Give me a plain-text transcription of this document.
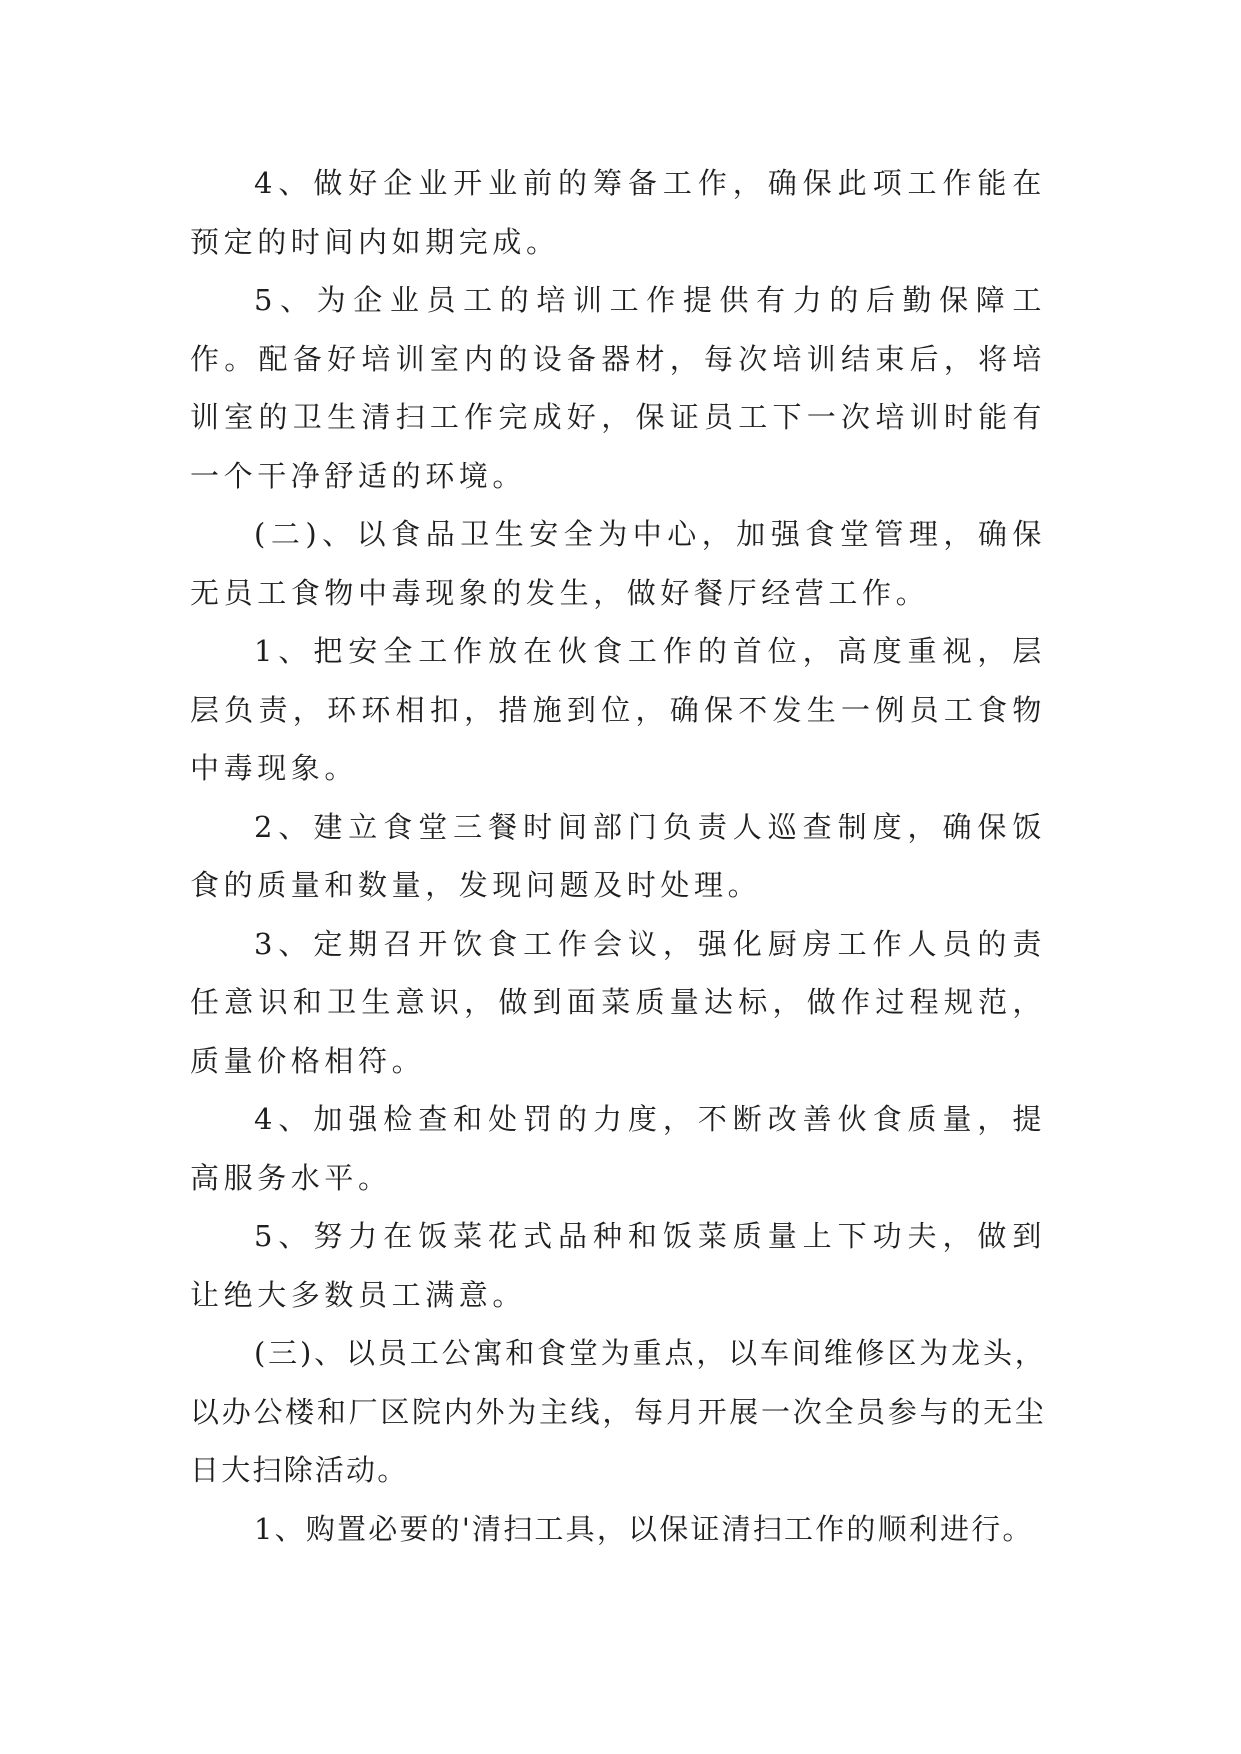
4、做好企业开业前的筹备工作，确保此项工作能在预定的时间内如期完成。

5、为企业员工的培训工作提供有力的后勤保障工作。配备好培训室内的设备器材，每次培训结束后，将培训室的卫生清扫工作完成好，保证员工下一次培训时能有一个干净舒适的环境。

(二)、以食品卫生安全为中心，加强食堂管理，确保无员工食物中毒现象的发生，做好餐厅经营工作。

1、把安全工作放在伙食工作的首位，高度重视，层层负责，环环相扣，措施到位，确保不发生一例员工食物中毒现象。

2、建立食堂三餐时间部门负责人巡查制度，确保饭食的质量和数量，发现问题及时处理。

3、定期召开饮食工作会议，强化厨房工作人员的责任意识和卫生意识，做到面菜质量达标，做作过程规范，质量价格相符。

4、加强检查和处罚的力度，不断改善伙食质量，提高服务水平。

5、努力在饭菜花式品种和饭菜质量上下功夫，做到让绝大多数员工满意。

(三)、以员工公寓和食堂为重点，以车间维修区为龙头，以办公楼和厂区院内外为主线，每月开展一次全员参与的无尘日大扫除活动。

1、购置必要的'清扫工具，以保证清扫工作的顺利进行。
